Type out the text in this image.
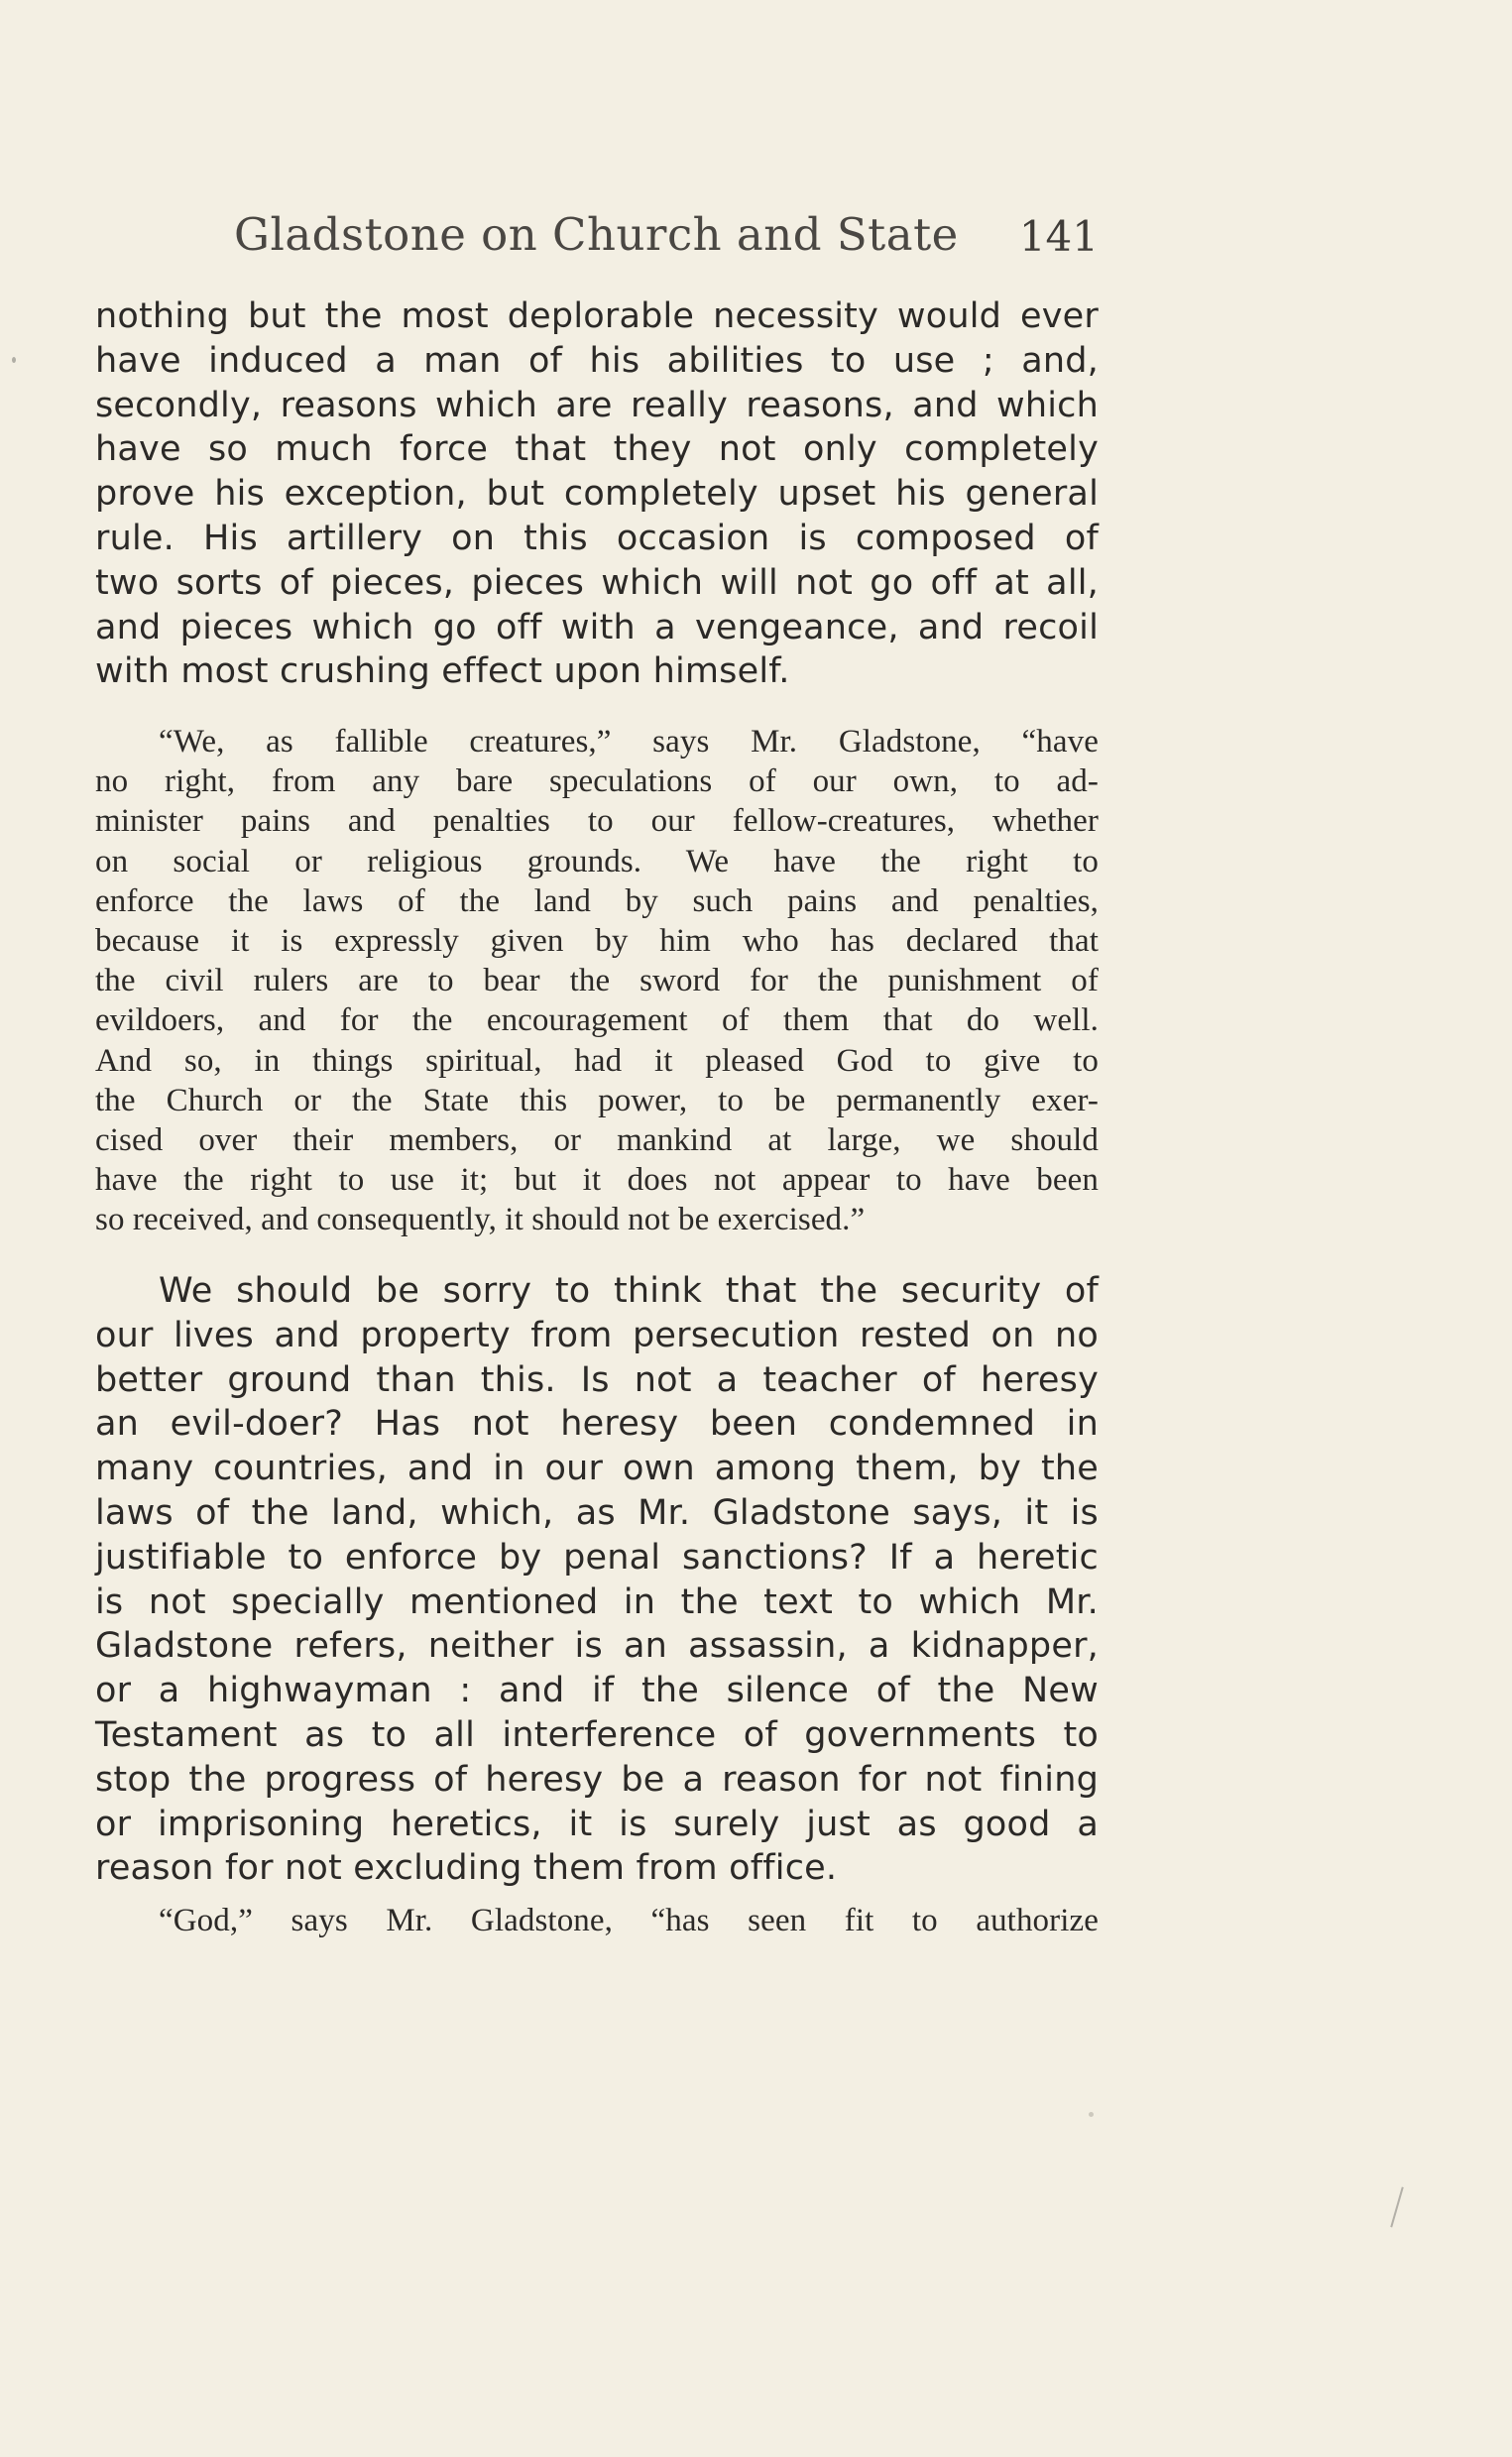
Gladstone on Church and State 141
nothing but the most deplorable necessity would ever
have induced a man of his abilities to use ; and,
secondly, reasons which are really reasons, and which
have so much force that they not only completely
prove his exception, but completely upset his general
rule. His artillery on this occasion is composed of
two sorts of pieces, pieces which will not go off at all,
and pieces which go off with a vengeance, and recoil
with most crushing effect upon himself.
“We, as fallible creatures,” says Mr. Gladstone, “have
no right, from any bare speculations of our own, to ad-
minister pains and penalties to our fellow-creatures, whether
on social or religious grounds. We have the right to
enforce the laws of the land by such pains and penalties,
because it is expressly given by him who has declared that
the civil rulers are to bear the sword for the punishment of
evildoers, and for the encouragement of them that do well.
And so, in things spiritual, had it pleased God to give to
the Church or the State this power, to be permanently exer-
cised over their members, or mankind at large, we should
have the right to use it; but it does not appear to have been
so received, and consequently, it should not be exercised.”
We should be sorry to think that the security of
our lives and property from persecution rested on no
better ground than this. Is not a teacher of heresy
an evil-doer? Has not heresy been condemned in
many countries, and in our own among them, by the
laws of the land, which, as Mr. Gladstone says, it is
justifiable to enforce by penal sanctions? If a heretic
is not specially mentioned in the text to which Mr.
Gladstone refers, neither is an assassin, a kidnapper,
or a highwayman : and if the silence of the New
Testament as to all interference of governments to
stop the progress of heresy be a reason for not fining
or imprisoning heretics, it is surely just as good a
reason for not excluding them from office.
“God,” says Mr. Gladstone, “has seen fit to authorize
